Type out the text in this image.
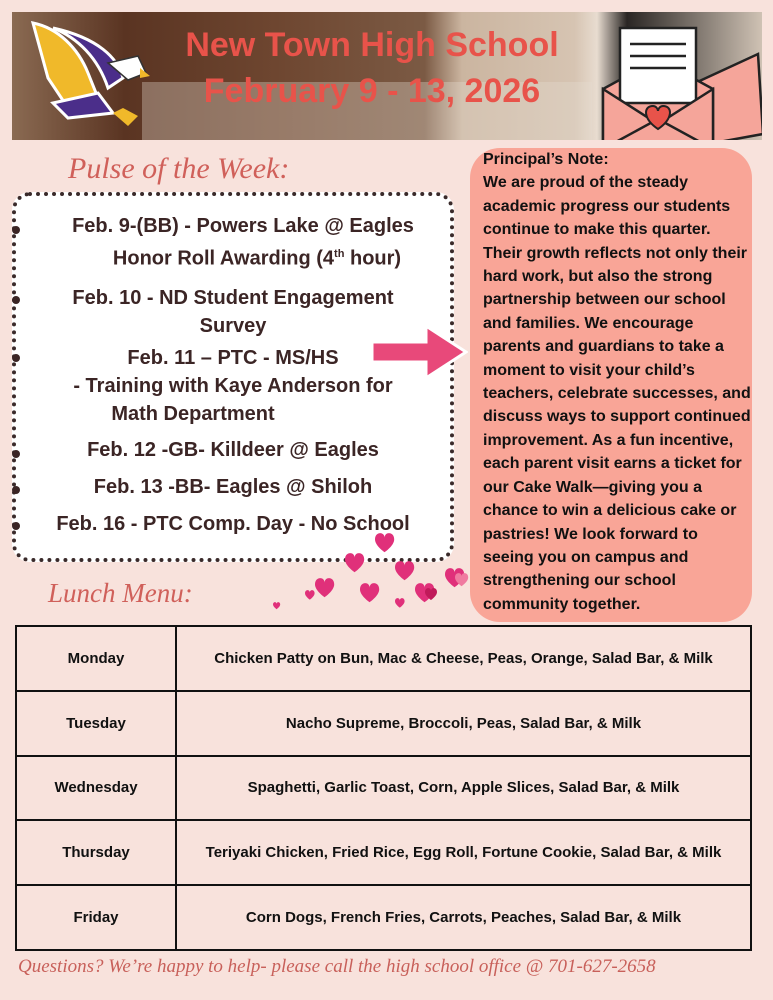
New Town High School
February 9 - 13, 2026
Pulse of the Week:
Feb. 9-(BB) - Powers Lake @ Eagles
Honor Roll Awarding (4th hour)
Feb. 10 - ND Student Engagement
Survey
Feb. 11 – PTC - MS/HS
- Training with Kaye Anderson for
Math Department
Feb. 12 -GB- Killdeer @ Eagles
Feb. 13 -BB- Eagles @ Shiloh
Feb. 16 - PTC Comp. Day - No School
Principal’s Note:
We are proud of the steady academic progress our students continue to make this quarter. Their growth reflects not only their hard work, but also the strong partnership between our school and families. We encourage parents and guardians to take a moment to visit your child’s teachers, celebrate successes, and discuss ways to support continued improvement. As a fun incentive, each parent visit earns a ticket for our Cake Walk—giving you a chance to win a delicious cake or pastries! We look forward to seeing you on campus and strengthening our school community together.
Lunch Menu:
Monday	Chicken Patty on Bun, Mac & Cheese, Peas, Orange, Salad Bar, & Milk
Tuesday	Nacho Supreme, Broccoli, Peas, Salad Bar, & Milk
Wednesday	Spaghetti, Garlic Toast, Corn, Apple Slices, Salad Bar, & Milk
Thursday	Teriyaki Chicken, Fried Rice, Egg Roll, Fortune Cookie, Salad Bar, & Milk
Friday	Corn Dogs, French Fries, Carrots, Peaches, Salad Bar, & Milk
Questions? We’re happy to help- please call the high school office @ 701-627-2658
